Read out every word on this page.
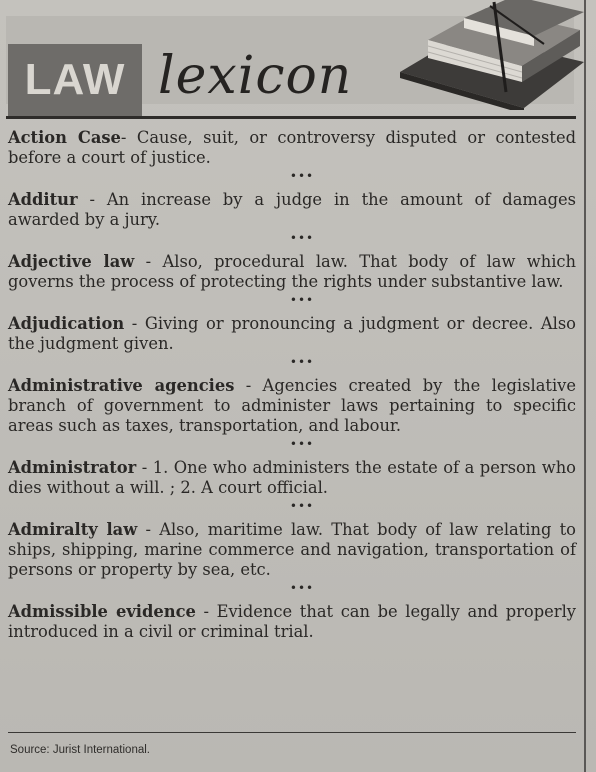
LAW lexicon

Action Case- Cause, suit, or controversy disputed or contested before a court of justice.

•••

Additur - An increase by a judge in the amount of damages awarded by a jury.

•••

Adjective law - Also, procedural law. That body of law which governs the process of protecting the rights under substantive law.

•••

Adjudication - Giving or pronouncing a judgment or decree. Also the judgment given.

•••

Administrative agencies - Agencies created by the legislative branch of government to administer laws pertaining to specific areas such as taxes, transportation, and labour.

•••

Administrator - 1. One who administers the estate of a person who dies without a will. ; 2. A court official.

•••

Admiralty law - Also, maritime law. That body of law relating to ships, shipping, marine commerce and navigation, transportation of persons or property by sea, etc.

•••

Admissible evidence - Evidence that can be legally and properly introduced in a civil or criminal trial.

Source: Jurist International.
